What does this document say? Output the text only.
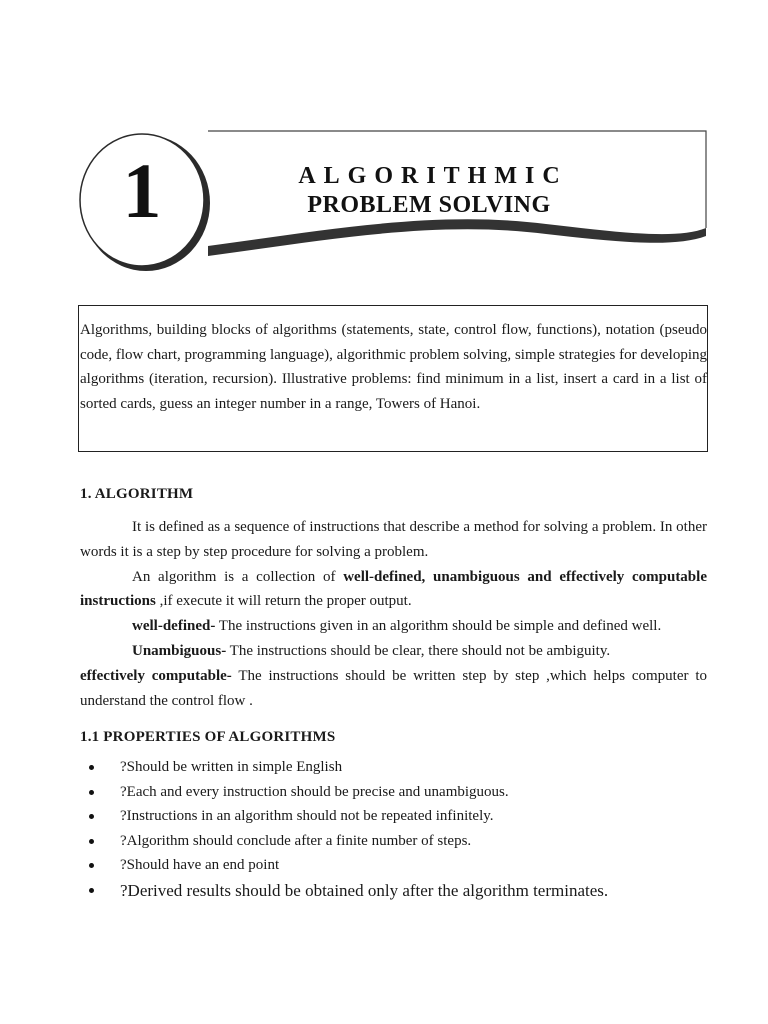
1	ALGORITHMIC
PROBLEM SOLVING

Algorithms, building blocks of algorithms (statements, state, control flow, functions), notation (pseudo code, flow chart, programming language), algorithmic problem solving, simple strategies for developing algorithms (iteration, recursion). Illustrative problems: find minimum in a list, insert a card in a list of sorted cards, guess an integer number in a range, Towers of Hanoi.

1. ALGORITHM

It is defined as a sequence of instructions that describe a method for solving a problem. In other words it is a step by step procedure for solving a problem.

An algorithm is a collection of well-defined, unambiguous and effectively computable instructions ,if execute it will return the proper output.

well-defined- The instructions given in an algorithm should be simple and defined well.

Unambiguous- The instructions should be clear, there should not be ambiguity.

effectively computable- The instructions should be written step by step ,which helps computer to understand the control flow .

1.1 PROPERTIES OF ALGORITHMS
?Should be written in simple English
?Each and every instruction should be precise and unambiguous.
?Instructions in an algorithm should not be repeated infinitely.
?Algorithm should conclude after a finite number of steps.
?Should have an end point
?Derived results should be obtained only after the algorithm terminates.
